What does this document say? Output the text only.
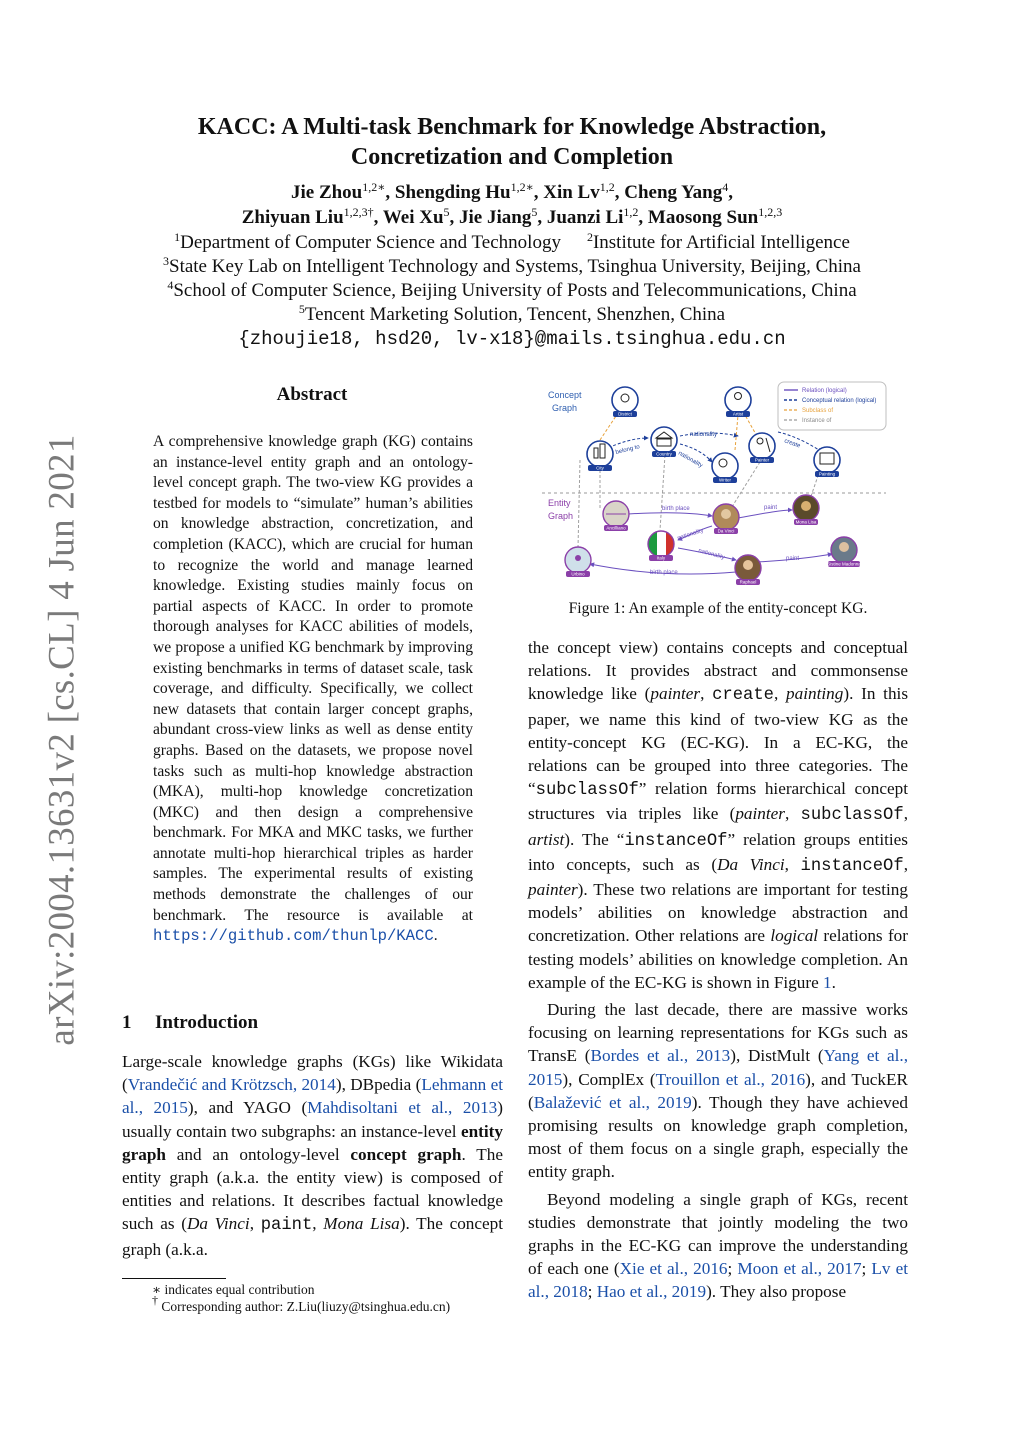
arXiv:2004.13631v2 [cs.CL] 4 Jun 2021
KACC: A Multi-task Benchmark for Knowledge Abstraction,
Concretization and Completion
Jie Zhou$^{1,2∗}$, Shengding $Hu^{1,2∗}$, Xin Lv$^{1,2}$, Cheng Yang$^4$,
Zhiyuan Liu$^{1,2,3\dagger}$, Wei Xu$^5$, Jie Jiang$^5$, Juanzi Li$^{1,2}$, Maosong Sun$^{1,2,3}$
$^1$Department of Computer Science and Technology $^2$Institute for Artificial Intelligence
$^3$State Key Lab on Intelligent Technology and Systems, Tsinghua University, Beijing, China
$^4$School of Computer Science, Beijing University of Posts and Telecommunications, China
$^5$Tencent Marketing Solution, Tencent, Shenzhen, China
{zhoujie18, hsd20, lv-x18}@mails.tsinghua.edu.cn
Abstract
A comprehensive knowledge graph (KG) contains an instance-level entity graph and an ontology-level concept graph. The two-view KG provides a testbed for models to “simulate” human’s abilities on knowledge abstraction, concretization, and completion (KACC), which are crucial for human to recognize the world and manage learned knowledge. Existing studies mainly focus on partial aspects of KACC. In order to promote thorough analyses for KACC abilities of models, we propose a unified KG benchmark by improving existing benchmarks in terms of dataset scale, task coverage, and difficulty. Specifically, we collect new datasets that contain larger concept graphs, abundant cross-view links as well as dense entity graphs. Based on the datasets, we propose novel tasks such as multi-hop knowledge abstraction (MKA), multi-hop knowledge concretization (MKC) and then design a comprehensive benchmark. For MKA and MKC tasks, we further annotate multi-hop hierarchical triples as harder samples. The experimental results of existing methods demonstrate the challenges of our benchmark. The resource is available at https://github.com/thunlp/KACC.
1 Introduction
Large-scale knowledge graphs (KGs) like Wikidata (Vrandečić and Krötzsch, 2014), DBpedia (Lehmann et al., 2015), and YAGO (Mahdisoltani et al., 2013) usually contain two subgraphs: an instance-level entity graph and an ontology-level concept graph. The entity graph (a.k.a. the entity view) is composed of entities and relations. It describes factual knowledge such as (Da Vinci, paint, Mona Lisa). The concept graph (a.k.a.
∗ indicates equal contribution
† Corresponding author: Z.Liu(liuzy@tsinghua.edu.cn)
Concept
Graph
Entity
Graph
Relation (logical)
Conceptual relation (logical)
Subclass of
Instance of
belong to
nationality
nationality
create
birth place	paint
nationality
nationality
birth place
paint
District	Artist
City
Country
Writer
Painter
Painting
Ancilliano
Italy
Da Vinci
Mona Lisa
Urbino
Raphael
Sistine Madonna
Figure 1: An example of the entity-concept KG.

the concept view) contains concepts and conceptual relations. It provides abstract and commonsense knowledge like (painter, create, painting). In this paper, we name this kind of two-view KG as the entity-concept KG (EC-KG). In a EC-KG, the relations can be grouped into three categories. The “subclassOf” relation forms hierarchical concept structures via triples like (painter, subclassOf, artist). The “instanceOf” relation groups entities into concepts, such as (Da Vinci, instanceOf, painter). These two relations are important for testing models’ abilities on knowledge abstraction and concretization. Other relations are logical relations for testing models’ abilities on knowledge completion. An example of the EC-KG is shown in Figure 1.

During the last decade, there are massive works focusing on learning representations for KGs such as TransE (Bordes et al., 2013), DistMult (Yang et al., 2015), ComplEx (Trouillon et al., 2016), and TuckER (Balažević et al., 2019). Though they have achieved promising results on knowledge graph completion, most of them focus on a single graph, especially the entity graph.

Beyond modeling a single graph of KGs, recent studies demonstrate that jointly modeling the two graphs in the EC-KG can improve the understanding of each one (Xie et al., 2016; Moon et al., 2017; Lv et al., 2018; Hao et al., 2019). They also propose
